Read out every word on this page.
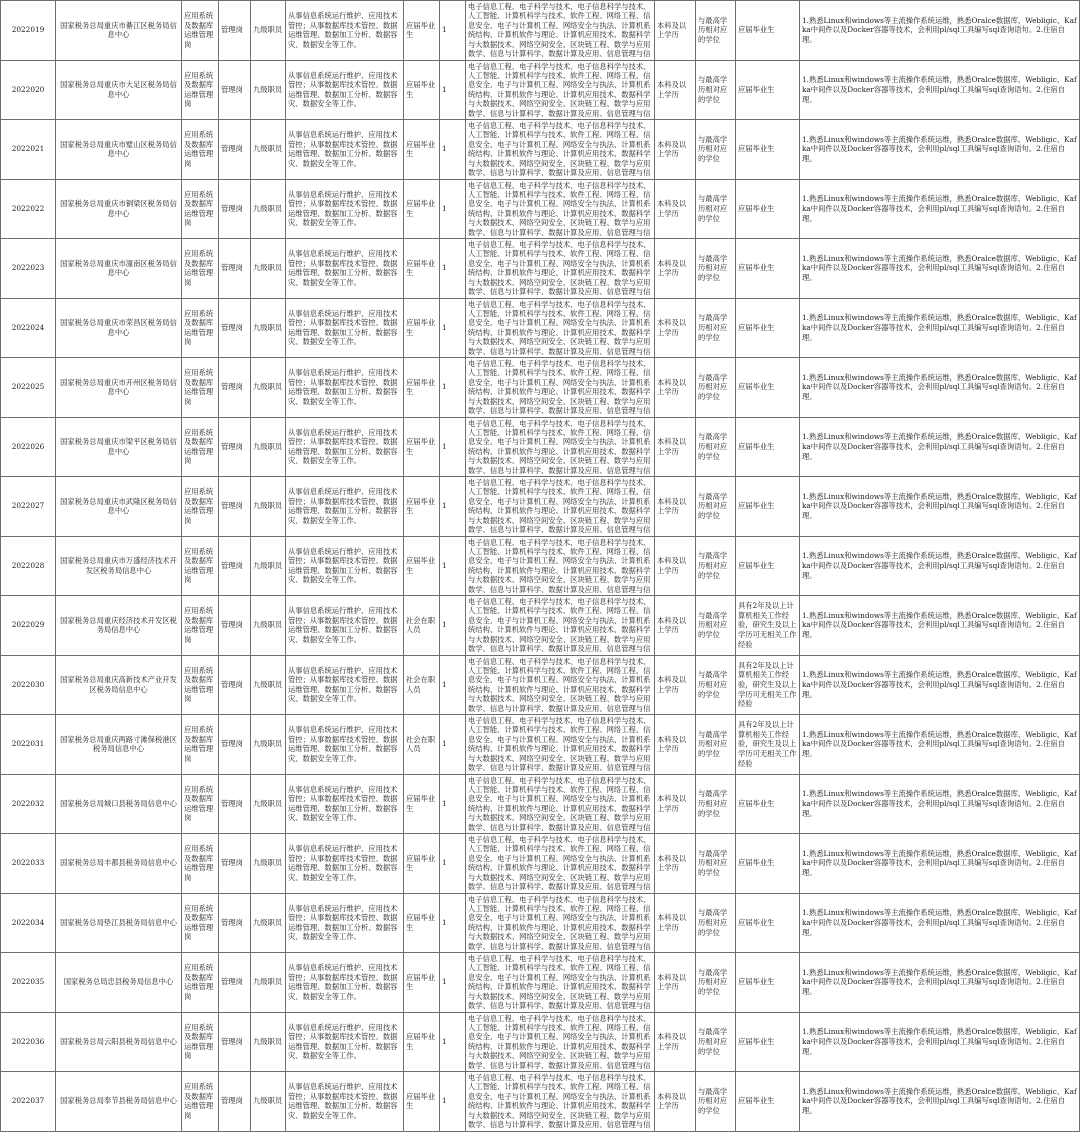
2022019	国家税务总局重庆市綦江区税务局信息中心	应用系统及数据库运维管理岗	管理岗	九级职员	从事信息系统运行维护、应用技术管控；从事数据库技术管控、数据运维管理、数据加工分析、数据容灾、数据安全等工作。	应届毕业生	1	电子信息工程、电子科学与技术、电子信息科学与技术、人工智能、计算机科学与技术、软件工程、网络工程、信息安全、电子与计算机工程、网络安全与执法、计算机系统结构、计算机软件与理论、计算机应用技术、数据科学与大数据技术、网络空间安全、区块链工程、数学与应用数学、信息与计算科学、数据计算及应用、信息管理与信	本科及以上学历	与最高学历相对应的学位	应届毕业生	1.熟悉Linux和windows等主流操作系统运维，熟悉Oralce数据库、Webligic、Kafka中间件以及Docker容器等技术，会利用pl/sql工具编写sql查询语句。2.住宿自理。
2022020	国家税务总局重庆市大足区税务局信息中心	应用系统及数据库运维管理岗	管理岗	九级职员	从事信息系统运行维护、应用技术管控；从事数据库技术管控、数据运维管理、数据加工分析、数据容灾、数据安全等工作。	应届毕业生	1	电子信息工程、电子科学与技术、电子信息科学与技术、人工智能、计算机科学与技术、软件工程、网络工程、信息安全、电子与计算机工程、网络安全与执法、计算机系统结构、计算机软件与理论、计算机应用技术、数据科学与大数据技术、网络空间安全、区块链工程、数学与应用数学、信息与计算科学、数据计算及应用、信息管理与信	本科及以上学历	与最高学历相对应的学位	应届毕业生	1.熟悉Linux和windows等主流操作系统运维，熟悉Oralce数据库、Webligic、Kafka中间件以及Docker容器等技术，会利用pl/sql工具编写sql查询语句。2.住宿自理。
2022021	国家税务总局重庆市璧山区税务局信息中心	应用系统及数据库运维管理岗	管理岗	九级职员	从事信息系统运行维护、应用技术管控；从事数据库技术管控、数据运维管理、数据加工分析、数据容灾、数据安全等工作。	应届毕业生	1	电子信息工程、电子科学与技术、电子信息科学与技术、人工智能、计算机科学与技术、软件工程、网络工程、信息安全、电子与计算机工程、网络安全与执法、计算机系统结构、计算机软件与理论、计算机应用技术、数据科学与大数据技术、网络空间安全、区块链工程、数学与应用数学、信息与计算科学、数据计算及应用、信息管理与信	本科及以上学历	与最高学历相对应的学位	应届毕业生	1.熟悉Linux和windows等主流操作系统运维，熟悉Oralce数据库、Webligic、Kafka中间件以及Docker容器等技术，会利用pl/sql工具编写sql查询语句。2.住宿自理。
2022022	国家税务总局重庆市铜梁区税务局信息中心	应用系统及数据库运维管理岗	管理岗	九级职员	从事信息系统运行维护、应用技术管控；从事数据库技术管控、数据运维管理、数据加工分析、数据容灾、数据安全等工作。	应届毕业生	1	电子信息工程、电子科学与技术、电子信息科学与技术、人工智能、计算机科学与技术、软件工程、网络工程、信息安全、电子与计算机工程、网络安全与执法、计算机系统结构、计算机软件与理论、计算机应用技术、数据科学与大数据技术、网络空间安全、区块链工程、数学与应用数学、信息与计算科学、数据计算及应用、信息管理与信	本科及以上学历	与最高学历相对应的学位	应届毕业生	1.熟悉Linux和windows等主流操作系统运维，熟悉Oralce数据库、Webligic、Kafka中间件以及Docker容器等技术，会利用pl/sql工具编写sql查询语句。2.住宿自理。
2022023	国家税务总局重庆市潼南区税务局信息中心	应用系统及数据库运维管理岗	管理岗	九级职员	从事信息系统运行维护、应用技术管控；从事数据库技术管控、数据运维管理、数据加工分析、数据容灾、数据安全等工作。	应届毕业生	1	电子信息工程、电子科学与技术、电子信息科学与技术、人工智能、计算机科学与技术、软件工程、网络工程、信息安全、电子与计算机工程、网络安全与执法、计算机系统结构、计算机软件与理论、计算机应用技术、数据科学与大数据技术、网络空间安全、区块链工程、数学与应用数学、信息与计算科学、数据计算及应用、信息管理与信	本科及以上学历	与最高学历相对应的学位	应届毕业生	1.熟悉Linux和windows等主流操作系统运维，熟悉Oralce数据库、Webligic、Kafka中间件以及Docker容器等技术，会利用pl/sql工具编写sql查询语句。2.住宿自理。
2022024	国家税务总局重庆市荣昌区税务局信息中心	应用系统及数据库运维管理岗	管理岗	九级职员	从事信息系统运行维护、应用技术管控；从事数据库技术管控、数据运维管理、数据加工分析、数据容灾、数据安全等工作。	应届毕业生	1	电子信息工程、电子科学与技术、电子信息科学与技术、人工智能、计算机科学与技术、软件工程、网络工程、信息安全、电子与计算机工程、网络安全与执法、计算机系统结构、计算机软件与理论、计算机应用技术、数据科学与大数据技术、网络空间安全、区块链工程、数学与应用数学、信息与计算科学、数据计算及应用、信息管理与信	本科及以上学历	与最高学历相对应的学位	应届毕业生	1.熟悉Linux和windows等主流操作系统运维，熟悉Oralce数据库、Webligic、Kafka中间件以及Docker容器等技术，会利用pl/sql工具编写sql查询语句。2.住宿自理。
2022025	国家税务总局重庆市开州区税务局信息中心	应用系统及数据库运维管理岗	管理岗	九级职员	从事信息系统运行维护、应用技术管控；从事数据库技术管控、数据运维管理、数据加工分析、数据容灾、数据安全等工作。	应届毕业生	1	电子信息工程、电子科学与技术、电子信息科学与技术、人工智能、计算机科学与技术、软件工程、网络工程、信息安全、电子与计算机工程、网络安全与执法、计算机系统结构、计算机软件与理论、计算机应用技术、数据科学与大数据技术、网络空间安全、区块链工程、数学与应用数学、信息与计算科学、数据计算及应用、信息管理与信	本科及以上学历	与最高学历相对应的学位	应届毕业生	1.熟悉Linux和windows等主流操作系统运维，熟悉Oralce数据库、Webligic、Kafka中间件以及Docker容器等技术，会利用pl/sql工具编写sql查询语句。2.住宿自理。
2022026	国家税务总局重庆市梁平区税务局信息中心	应用系统及数据库运维管理岗	管理岗	九级职员	从事信息系统运行维护、应用技术管控；从事数据库技术管控、数据运维管理、数据加工分析、数据容灾、数据安全等工作。	应届毕业生	1	电子信息工程、电子科学与技术、电子信息科学与技术、人工智能、计算机科学与技术、软件工程、网络工程、信息安全、电子与计算机工程、网络安全与执法、计算机系统结构、计算机软件与理论、计算机应用技术、数据科学与大数据技术、网络空间安全、区块链工程、数学与应用数学、信息与计算科学、数据计算及应用、信息管理与信	本科及以上学历	与最高学历相对应的学位	应届毕业生	1.熟悉Linux和windows等主流操作系统运维，熟悉Oralce数据库、Webligic、Kafka中间件以及Docker容器等技术，会利用pl/sql工具编写sql查询语句。2.住宿自理。
2022027	国家税务总局重庆市武隆区税务局信息中心	应用系统及数据库运维管理岗	管理岗	九级职员	从事信息系统运行维护、应用技术管控；从事数据库技术管控、数据运维管理、数据加工分析、数据容灾、数据安全等工作。	应届毕业生	1	电子信息工程、电子科学与技术、电子信息科学与技术、人工智能、计算机科学与技术、软件工程、网络工程、信息安全、电子与计算机工程、网络安全与执法、计算机系统结构、计算机软件与理论、计算机应用技术、数据科学与大数据技术、网络空间安全、区块链工程、数学与应用数学、信息与计算科学、数据计算及应用、信息管理与信	本科及以上学历	与最高学历相对应的学位	应届毕业生	1.熟悉Linux和windows等主流操作系统运维，熟悉Oralce数据库、Webligic、Kafka中间件以及Docker容器等技术，会利用pl/sql工具编写sql查询语句。2.住宿自理。
2022028	国家税务总局重庆市万盛经济技术开发区税务局信息中心	应用系统及数据库运维管理岗	管理岗	九级职员	从事信息系统运行维护、应用技术管控；从事数据库技术管控、数据运维管理、数据加工分析、数据容灾、数据安全等工作。	应届毕业生	1	电子信息工程、电子科学与技术、电子信息科学与技术、人工智能、计算机科学与技术、软件工程、网络工程、信息安全、电子与计算机工程、网络安全与执法、计算机系统结构、计算机软件与理论、计算机应用技术、数据科学与大数据技术、网络空间安全、区块链工程、数学与应用数学、信息与计算科学、数据计算及应用、信息管理与信	本科及以上学历	与最高学历相对应的学位	应届毕业生	1.熟悉Linux和windows等主流操作系统运维，熟悉Oralce数据库、Webligic、Kafka中间件以及Docker容器等技术，会利用pl/sql工具编写sql查询语句。2.住宿自理。
2022029	国家税务总局重庆经济技术开发区税务局信息中心	应用系统及数据库运维管理岗	管理岗	九级职员	从事信息系统运行维护、应用技术管控；从事数据库技术管控、数据运维管理、数据加工分析、数据容灾、数据安全等工作。	社会在职人员	1	电子信息工程、电子科学与技术、电子信息科学与技术、人工智能、计算机科学与技术、软件工程、网络工程、信息安全、电子与计算机工程、网络安全与执法、计算机系统结构、计算机软件与理论、计算机应用技术、数据科学与大数据技术、网络空间安全、区块链工程、数学与应用数学、信息与计算科学、数据计算及应用、信息管理与信	本科及以上学历	与最高学历相对应的学位	具有2年及以上计算机相关工作经验，研究生及以上学历可无相关工作经验	1.熟悉Linux和windows等主流操作系统运维，熟悉Oralce数据库、Webligic、Kafka中间件以及Docker容器等技术，会利用pl/sql工具编写sql查询语句。2.住宿自理。
2022030	国家税务总局重庆高新技术产业开发区税务局信息中心	应用系统及数据库运维管理岗	管理岗	九级职员	从事信息系统运行维护、应用技术管控；从事数据库技术管控、数据运维管理、数据加工分析、数据容灾、数据安全等工作。	社会在职人员	1	电子信息工程、电子科学与技术、电子信息科学与技术、人工智能、计算机科学与技术、软件工程、网络工程、信息安全、电子与计算机工程、网络安全与执法、计算机系统结构、计算机软件与理论、计算机应用技术、数据科学与大数据技术、网络空间安全、区块链工程、数学与应用数学、信息与计算科学、数据计算及应用、信息管理与信	本科及以上学历	与最高学历相对应的学位	具有2年及以上计算机相关工作经验，研究生及以上学历可无相关工作经验	1.熟悉Linux和windows等主流操作系统运维，熟悉Oralce数据库、Webligic、Kafka中间件以及Docker容器等技术，会利用pl/sql工具编写sql查询语句。2.住宿自理。
2022031	国家税务总局重庆两路寸滩保税港区税务局信息中心	应用系统及数据库运维管理岗	管理岗	九级职员	从事信息系统运行维护、应用技术管控；从事数据库技术管控、数据运维管理、数据加工分析、数据容灾、数据安全等工作。	社会在职人员	1	电子信息工程、电子科学与技术、电子信息科学与技术、人工智能、计算机科学与技术、软件工程、网络工程、信息安全、电子与计算机工程、网络安全与执法、计算机系统结构、计算机软件与理论、计算机应用技术、数据科学与大数据技术、网络空间安全、区块链工程、数学与应用数学、信息与计算科学、数据计算及应用、信息管理与信	本科及以上学历	与最高学历相对应的学位	具有2年及以上计算机相关工作经验，研究生及以上学历可无相关工作经验	1.熟悉Linux和windows等主流操作系统运维，熟悉Oralce数据库、Webligic、Kafka中间件以及Docker容器等技术，会利用pl/sql工具编写sql查询语句。2.住宿自理。
2022032	国家税务总局城口县税务局信息中心	应用系统及数据库运维管理岗	管理岗	九级职员	从事信息系统运行维护、应用技术管控；从事数据库技术管控、数据运维管理、数据加工分析、数据容灾、数据安全等工作。	应届毕业生	1	电子信息工程、电子科学与技术、电子信息科学与技术、人工智能、计算机科学与技术、软件工程、网络工程、信息安全、电子与计算机工程、网络安全与执法、计算机系统结构、计算机软件与理论、计算机应用技术、数据科学与大数据技术、网络空间安全、区块链工程、数学与应用数学、信息与计算科学、数据计算及应用、信息管理与信	本科及以上学历	与最高学历相对应的学位	应届毕业生	1.熟悉Linux和windows等主流操作系统运维，熟悉Oralce数据库、Webligic、Kafka中间件以及Docker容器等技术，会利用pl/sql工具编写sql查询语句。2.住宿自理。
2022033	国家税务总局丰都县税务局信息中心	应用系统及数据库运维管理岗	管理岗	九级职员	从事信息系统运行维护、应用技术管控；从事数据库技术管控、数据运维管理、数据加工分析、数据容灾、数据安全等工作。	应届毕业生	1	电子信息工程、电子科学与技术、电子信息科学与技术、人工智能、计算机科学与技术、软件工程、网络工程、信息安全、电子与计算机工程、网络安全与执法、计算机系统结构、计算机软件与理论、计算机应用技术、数据科学与大数据技术、网络空间安全、区块链工程、数学与应用数学、信息与计算科学、数据计算及应用、信息管理与信	本科及以上学历	与最高学历相对应的学位	应届毕业生	1.熟悉Linux和windows等主流操作系统运维，熟悉Oralce数据库、Webligic、Kafka中间件以及Docker容器等技术，会利用pl/sql工具编写sql查询语句。2.住宿自理。
2022034	国家税务总局垫江县税务局信息中心	应用系统及数据库运维管理岗	管理岗	九级职员	从事信息系统运行维护、应用技术管控；从事数据库技术管控、数据运维管理、数据加工分析、数据容灾、数据安全等工作。	应届毕业生	1	电子信息工程、电子科学与技术、电子信息科学与技术、人工智能、计算机科学与技术、软件工程、网络工程、信息安全、电子与计算机工程、网络安全与执法、计算机系统结构、计算机软件与理论、计算机应用技术、数据科学与大数据技术、网络空间安全、区块链工程、数学与应用数学、信息与计算科学、数据计算及应用、信息管理与信	本科及以上学历	与最高学历相对应的学位	应届毕业生	1.熟悉Linux和windows等主流操作系统运维，熟悉Oralce数据库、Webligic、Kafka中间件以及Docker容器等技术，会利用pl/sql工具编写sql查询语句。2.住宿自理。
2022035	国家税务总局忠县税务局信息中心	应用系统及数据库运维管理岗	管理岗	九级职员	从事信息系统运行维护、应用技术管控；从事数据库技术管控、数据运维管理、数据加工分析、数据容灾、数据安全等工作。	应届毕业生	1	电子信息工程、电子科学与技术、电子信息科学与技术、人工智能、计算机科学与技术、软件工程、网络工程、信息安全、电子与计算机工程、网络安全与执法、计算机系统结构、计算机软件与理论、计算机应用技术、数据科学与大数据技术、网络空间安全、区块链工程、数学与应用数学、信息与计算科学、数据计算及应用、信息管理与信	本科及以上学历	与最高学历相对应的学位	应届毕业生	1.熟悉Linux和windows等主流操作系统运维，熟悉Oralce数据库、Webligic、Kafka中间件以及Docker容器等技术，会利用pl/sql工具编写sql查询语句。2.住宿自理。
2022036	国家税务总局云阳县税务局信息中心	应用系统及数据库运维管理岗	管理岗	九级职员	从事信息系统运行维护、应用技术管控；从事数据库技术管控、数据运维管理、数据加工分析、数据容灾、数据安全等工作。	应届毕业生	1	电子信息工程、电子科学与技术、电子信息科学与技术、人工智能、计算机科学与技术、软件工程、网络工程、信息安全、电子与计算机工程、网络安全与执法、计算机系统结构、计算机软件与理论、计算机应用技术、数据科学与大数据技术、网络空间安全、区块链工程、数学与应用数学、信息与计算科学、数据计算及应用、信息管理与信	本科及以上学历	与最高学历相对应的学位	应届毕业生	1.熟悉Linux和windows等主流操作系统运维，熟悉Oralce数据库、Webligic、Kafka中间件以及Docker容器等技术，会利用pl/sql工具编写sql查询语句。2.住宿自理。
2022037	国家税务总局奉节县税务局信息中心	应用系统及数据库运维管理岗	管理岗	九级职员	从事信息系统运行维护、应用技术管控；从事数据库技术管控、数据运维管理、数据加工分析、数据容灾、数据安全等工作。	应届毕业生	1	电子信息工程、电子科学与技术、电子信息科学与技术、人工智能、计算机科学与技术、软件工程、网络工程、信息安全、电子与计算机工程、网络安全与执法、计算机系统结构、计算机软件与理论、计算机应用技术、数据科学与大数据技术、网络空间安全、区块链工程、数学与应用数学、信息与计算科学、数据计算及应用、信息管理与信	本科及以上学历	与最高学历相对应的学位	应届毕业生	1.熟悉Linux和windows等主流操作系统运维，熟悉Oralce数据库、Webligic、Kafka中间件以及Docker容器等技术，会利用pl/sql工具编写sql查询语句。2.住宿自理。
